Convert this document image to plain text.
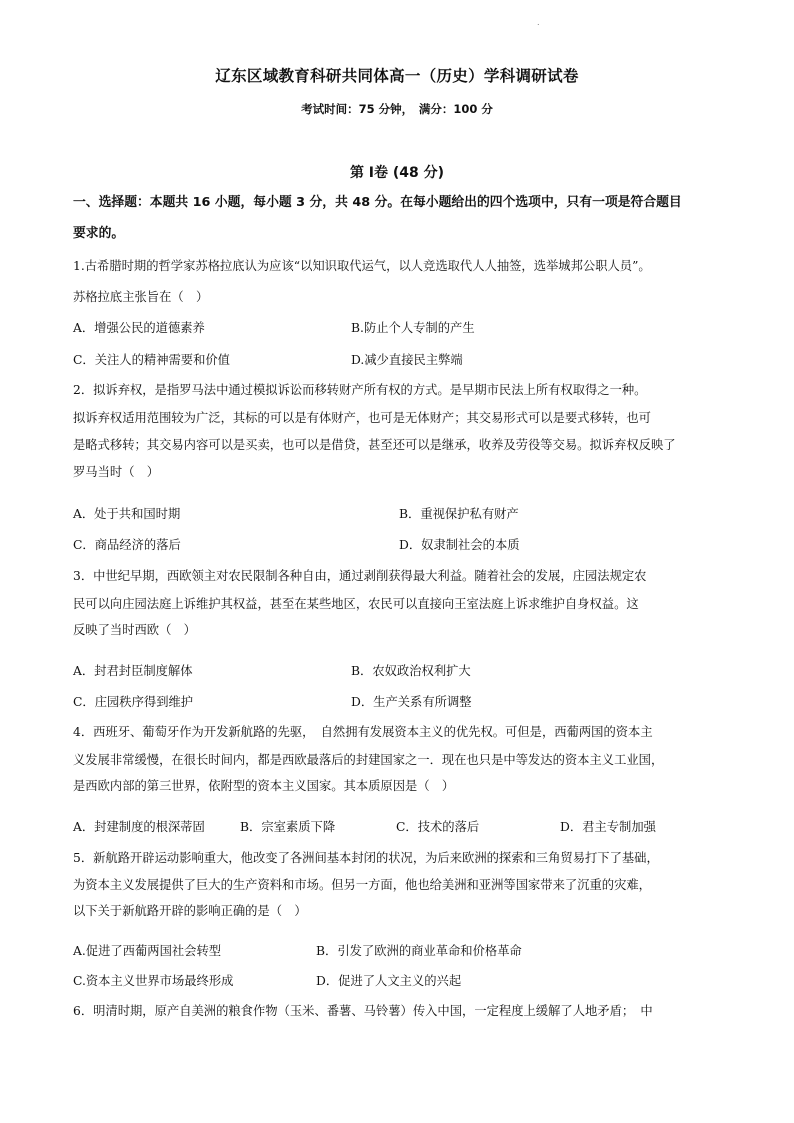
.
辽东区域教育科研共同体高一（历史）学科调研试卷
考试时间：75 分钟，　满分：100 分
第 Ⅰ卷 (48 分)
一、选择题：本题共 16 小题，每小题 3 分，共 48 分。在每小题给出的四个选项中，只有一项是符合题目
要求的。
1.古希腊时期的哲学家苏格拉底认为应该“以知识取代运气，以人竞选取代人人抽签，选举城邦公职人员”。
苏格拉底主张旨在（　）
A．增强公民的道德素养	B.防止个人专制的产生
C．关注人的精神需要和价值	D.减少直接民主弊端
2．拟诉弃权，是指罗马法中通过模拟诉讼而移转财产所有权的方式。是早期市民法上所有权取得之一种。
拟诉弃权适用范围较为广泛，其标的可以是有体财产，也可是无体财产；其交易形式可以是要式移转，也可
是略式移转；其交易内容可以是买卖，也可以是借贷，甚至还可以是继承，收养及劳役等交易。拟诉弃权反映了
罗马当时（　）
A．处于共和国时期	B．重视保护私有财产
C．商品经济的落后	D．奴隶制社会的本质
3．中世纪早期，西欧领主对农民限制各种自由，通过剥削获得最大利益。随着社会的发展，庄园法规定农
民可以向庄园法庭上诉维护其权益，甚至在某些地区，农民可以直接向王室法庭上诉求维护自身权益。这
反映了当时西欧（　）
A．封君封臣制度解体	B．农奴政治权利扩大
C．庄园秩序得到维护	D．生产关系有所调整
4．西班牙、葡萄牙作为开发新航路的先驱，　自然拥有发展资本主义的优先权。可但是，西葡两国的资本主
义发展非常缓慢，在很长时间内，都是西欧最落后的封建国家之一．现在也只是中等发达的资本主义工业国，
是西欧内部的第三世界，依附型的资本主义国家。其本质原因是（　）
A．封建制度的根深蒂固	B．宗室素质下降	C．技术的落后	D．君主专制加强
5．新航路开辟运动影响重大，他改变了各洲间基本封闭的状况，为后来欧洲的探索和三角贸易打下了基础，
为资本主义发展提供了巨大的生产资料和市场。但另一方面，他也给美洲和亚洲等国家带来了沉重的灾难，
以下关于新航路开辟的影响正确的是（　）
A.促进了西葡两国社会转型	B．引发了欧洲的商业革命和价格革命
C.资本主义世界市场最终形成	D．促进了人文主义的兴起
6．明清时期，原产自美洲的粮食作物（玉米、番薯、马铃薯）传入中国，一定程度上缓解了人地矛盾；　中
